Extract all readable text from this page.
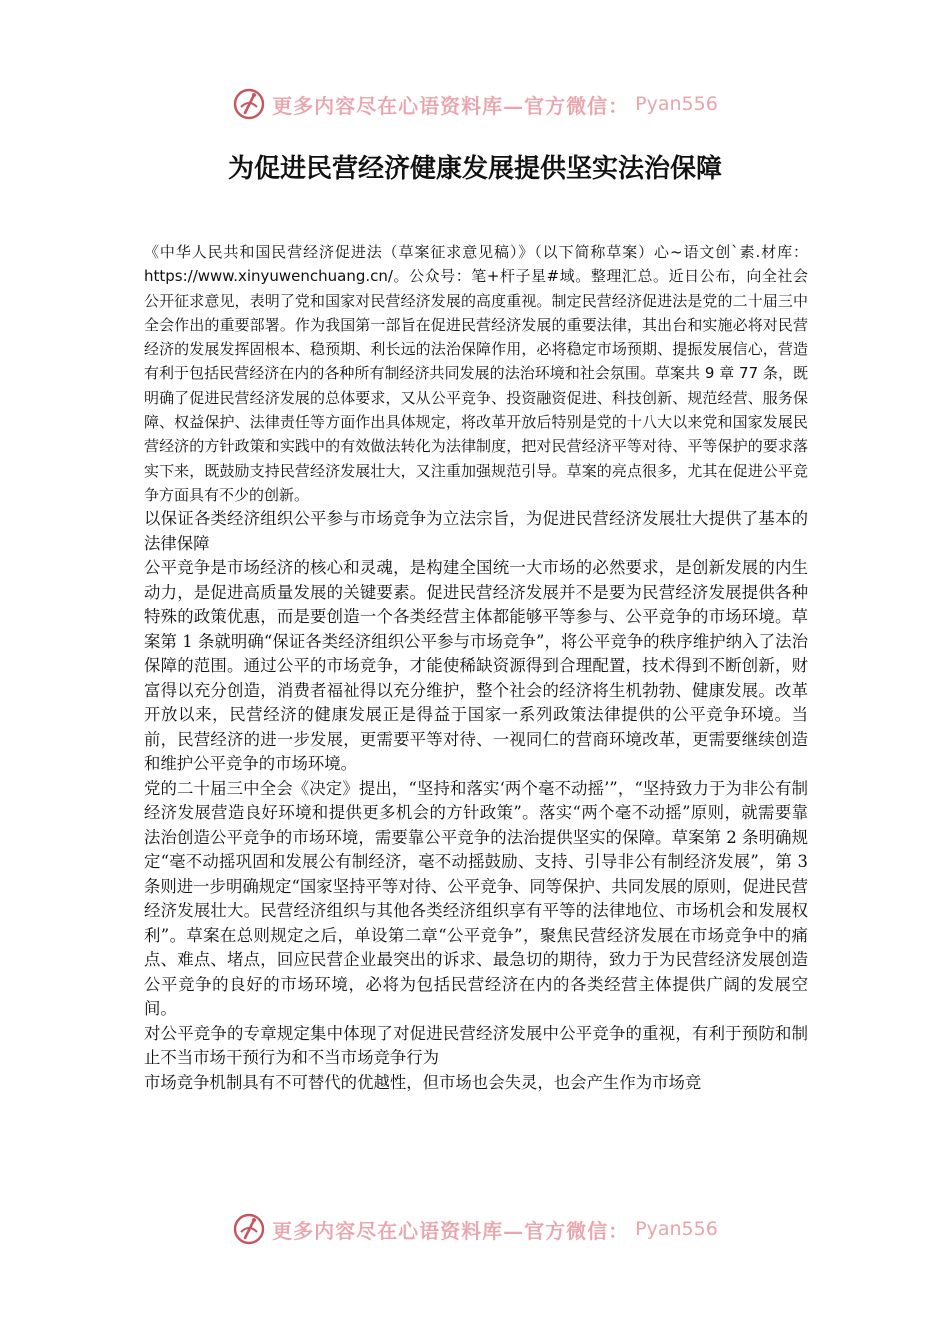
更多内容尽在心语资料库—官方微信： Pyan556
为促进民营经济健康发展提供坚实法治保障

《中华人民共和国民营经济促进法（草案征求意见稿）》（以下简称草案）心~语文创`素.材库：https://www.xinyuwenchuang.cn/。公众号：笔+杆子星#域。整理汇总。近日公布，向全社会公开征求意见，表明了党和国家对民营经济发展的高度重视。制定民营经济促进法是党的二十届三中全会作出的重要部署。作为我国第一部旨在促进民营经济发展的重要法律，其出台和实施必将对民营经济的发展发挥固根本、稳预期、利长远的法治保障作用，必将稳定市场预期、提振发展信心，营造有利于包括民营经济在内的各种所有制经济共同发展的法治环境和社会氛围。草案共 9 章 77 条，既明确了促进民营经济发展的总体要求，又从公平竞争、投资融资促进、科技创新、规范经营、服务保障、权益保护、法律责任等方面作出具体规定，将改革开放后特别是党的十八大以来党和国家发展民营经济的方针政策和实践中的有效做法转化为法律制度，把对民营经济平等对待、平等保护的要求落实下来，既鼓励支持民营经济发展壮大，又注重加强规范引导。草案的亮点很多，尤其在促进公平竞争方面具有不少的创新。

以保证各类经济组织公平参与市场竞争为立法宗旨，为促进民营经济发展壮大提供了基本的法律保障

公平竞争是市场经济的核心和灵魂，是构建全国统一大市场的必然要求，是创新发展的内生动力，是促进高质量发展的关键要素。促进民营经济发展并不是要为民营经济发展提供各种特殊的政策优惠，而是要创造一个各类经营主体都能够平等参与、公平竞争的市场环境。草案第 1 条就明确“保证各类经济组织公平参与市场竞争”，将公平竞争的秩序维护纳入了法治保障的范围。通过公平的市场竞争，才能使稀缺资源得到合理配置，技术得到不断创新，财富得以充分创造，消费者福祉得以充分维护，整个社会的经济将生机勃勃、健康发展。改革开放以来，民营经济的健康发展正是得益于国家一系列政策法律提供的公平竞争环境。当前，民营经济的进一步发展，更需要平等对待、一视同仁的营商环境改革，更需要继续创造和维护公平竞争的市场环境。

党的二十届三中全会《决定》提出，“坚持和落实‘两个毫不动摇’”，“坚持致力于为非公有制经济发展营造良好环境和提供更多机会的方针政策”。落实“两个毫不动摇”原则，就需要靠法治创造公平竞争的市场环境，需要靠公平竞争的法治提供坚实的保障。草案第 2 条明确规定“毫不动摇巩固和发展公有制经济，毫不动摇鼓励、支持、引导非公有制经济发展”，第 3 条则进一步明确规定“国家坚持平等对待、公平竞争、同等保护、共同发展的原则，促进民营经济发展壮大。民营经济组织与其他各类经济组织享有平等的法律地位、市场机会和发展权利”。草案在总则规定之后，单设第二章“公平竞争”，聚焦民营经济发展在市场竞争中的痛点、难点、堵点，回应民营企业最突出的诉求、最急切的期待，致力于为民营经济发展创造公平竞争的良好的市场环境，必将为包括民营经济在内的各类经营主体提供广阔的发展空间。

对公平竞争的专章规定集中体现了对促进民营经济发展中公平竞争的重视，有利于预防和制止不当市场干预行为和不当市场竞争行为

市场竞争机制具有不可替代的优越性，但市场也会失灵，也会产生作为市场竞

更多内容尽在心语资料库—官方微信： Pyan556
